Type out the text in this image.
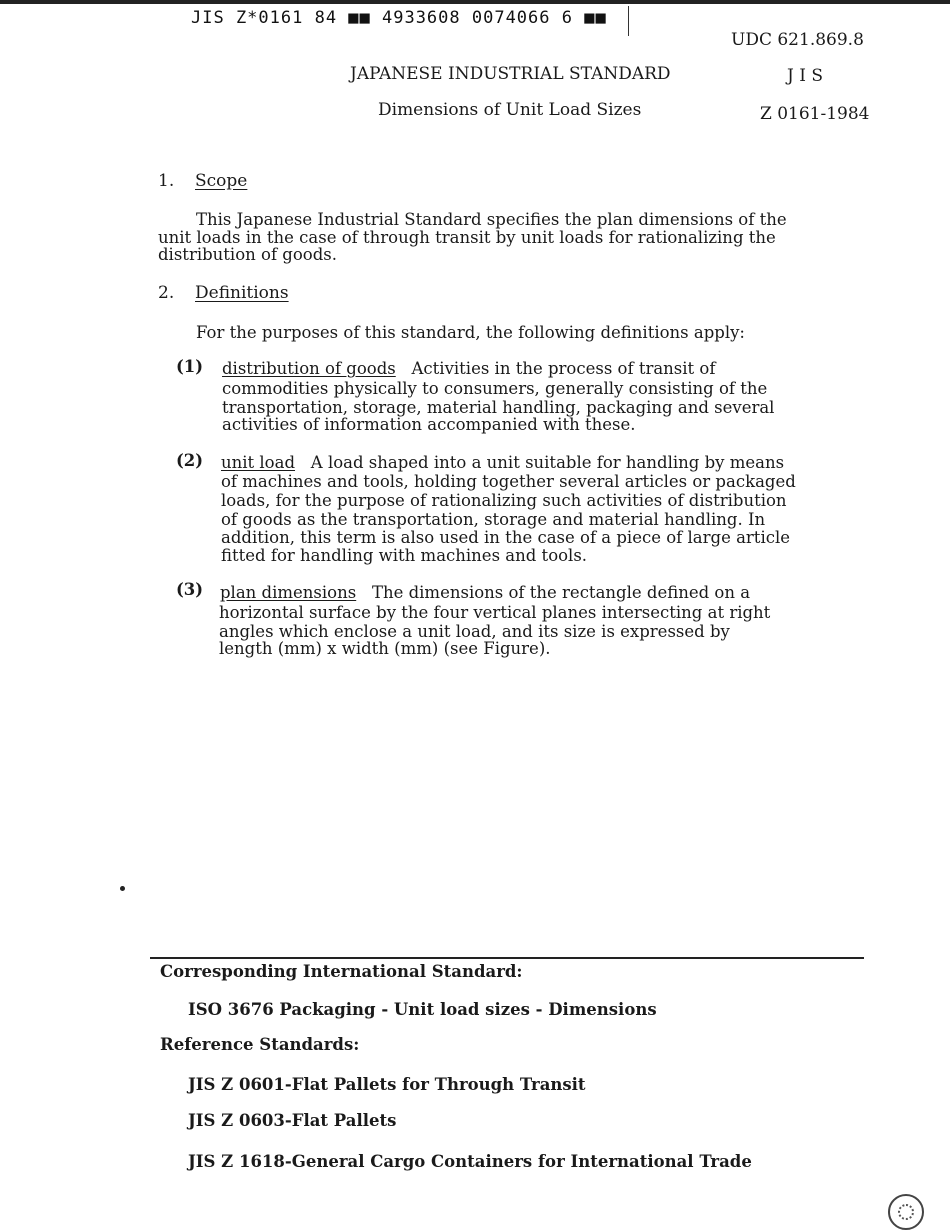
JIS Z*0161 84 ■■ 4933608 0074066 6 ■■
UDC 621.869.8
JAPANESE INDUSTRIAL STANDARD	J I S
Dimensions of Unit Load Sizes	Z 0161-1984
1. Scope
This Japanese Industrial Standard specifies the plan dimensions of the
unit loads in the case of through transit by unit loads for rationalizing the
distribution of goods.
2. Definitions
For the purposes of this standard, the following definitions apply:
(1) distribution of goods Activities in the process of transit of
commodities physically to consumers, generally consisting of the
transportation, storage, material handling, packaging and several
activities of information accompanied with these.
(2) unit load A load shaped into a unit suitable for handling by means
of machines and tools, holding together several articles or packaged
loads, for the purpose of rationalizing such activities of distribution
of goods as the transportation, storage and material handling. In
addition, this term is also used in the case of a piece of large article
fitted for handling with machines and tools.
(3) plan dimensions The dimensions of the rectangle defined on a
horizontal surface by the four vertical planes intersecting at right
angles which enclose a unit load, and its size is expressed by
length (mm) x width (mm) (see Figure).
Corresponding International Standard:
ISO 3676 Packaging - Unit load sizes - Dimensions
Reference Standards:
JIS Z 0601-Flat Pallets for Through Transit
JIS Z 0603-Flat Pallets
JIS Z 1618-General Cargo Containers for International Trade
